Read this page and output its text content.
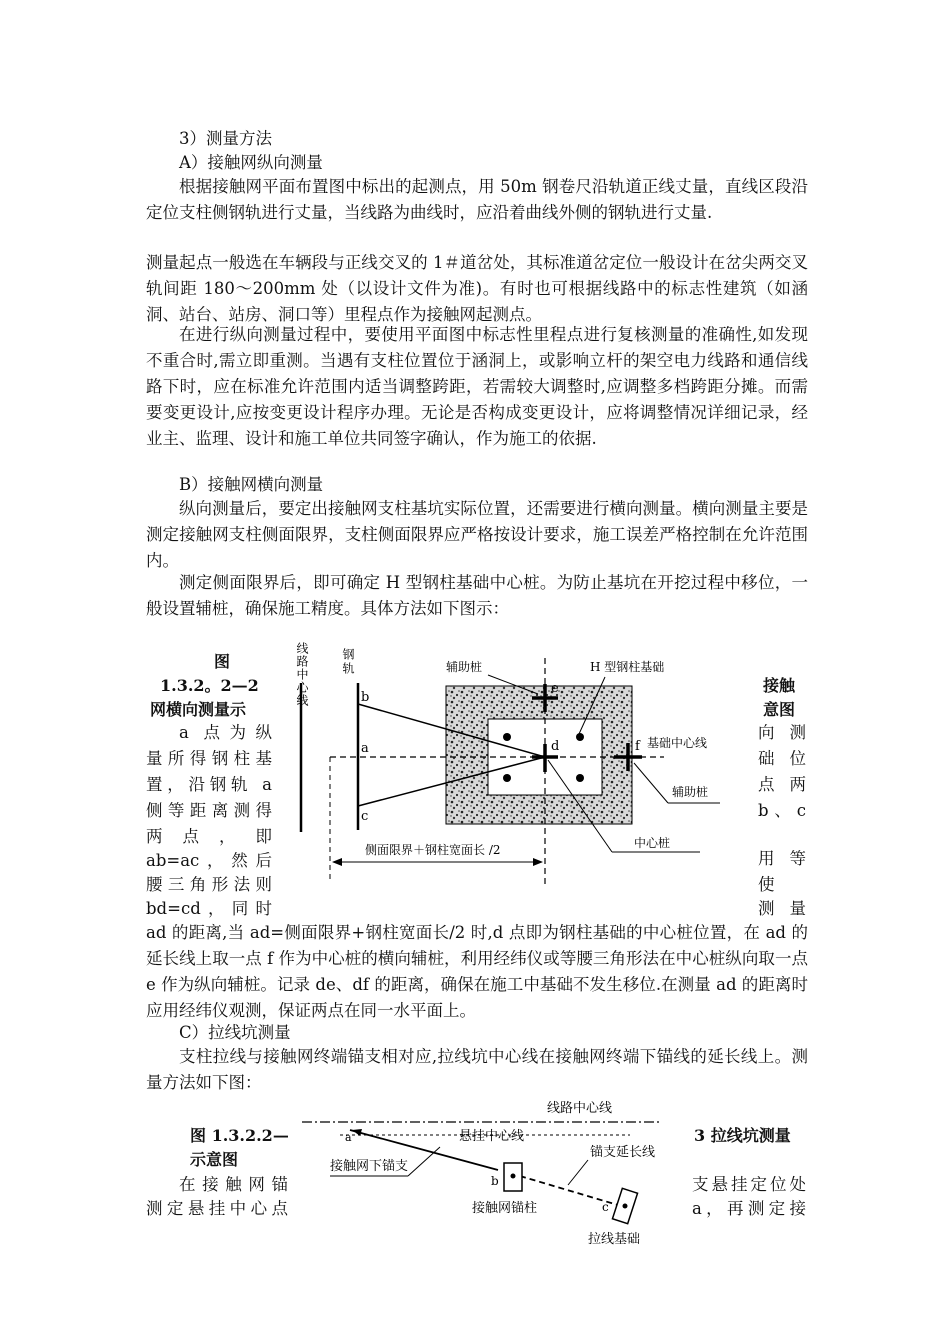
3）测量方法

A）接触网纵向测量

根据接触网平面布置图中标出的起测点，用 50m 钢卷尺沿轨道正线丈量，直线区段沿定位支柱侧钢轨进行丈量，当线路为曲线时，应沿着曲线外侧的钢轨进行丈量.

测量起点一般选在车辆段与正线交叉的 1＃道岔处，其标准道岔定位一般设计在岔尖两交叉轨间距 180～200mm 处（以设计文件为准)。有时也可根据线路中的标志性建筑（如涵洞、站台、站房、洞口等）里程点作为接触网起测点。

在进行纵向测量过程中，要使用平面图中标志性里程点进行复核测量的准确性,如发现不重合时,需立即重测。当遇有支柱位置位于涵洞上，或影响立杆的架空电力线路和通信线路下时，应在标准允许范围内适当调整跨距，若需较大调整时,应调整多档跨距分摊。而需要变更设计,应按变更设计程序办理。无论是否构成变更设计，应将调整情况详细记录，经业主、监理、设计和施工单位共同签字确认，作为施工的依据.

B）接触网横向测量

纵向测量后，要定出接触网支柱基坑实际位置，还需要进行横向测量。横向测量主要是测定接触网支柱侧面限界，支柱侧面限界应严格按设计要求，施工误差严格控制在允许范围内。

测定侧面限界后，即可确定 H 型钢柱基础中心桩。为防止基坑在开挖过程中移位，一般设置辅桩，确保施工精度。具体方法如下图示：

图

1.3.2。2—2

网横向测量示

接触

意图

a 点为纵

量所得钢柱基

置，沿钢轨 a

侧等距离测得

两点，即

ab=ac，然后

腰三角形法则

bd=cd，同时

向测

础位

点两

b、c

用等

使

测量

线路中心线	钢轨
b
a
c
d
e
f
辅助桩	H 型钢柱基础
基础中心线
辅助桩
中心桩
侧面限界＋钢柱宽面长 /2

ad 的距离,当 ad=侧面限界+钢柱宽面长/2 时,d 点即为钢柱基础的中心桩位置，在 ad 的延长线上取一点 f 作为中心桩的横向辅桩，利用经纬仪或等腰三角形法在中心桩纵向取一点 e 作为纵向辅桩。记录 de、df 的距离，确保在施工中基础不发生移位.在测量 ad 的距离时应用经纬仪观测，保证两点在同一水平面上。

C）拉线坑测量

支柱拉线与接触网终端锚支相对应,拉线坑中心线在接触网终端下锚线的延长线上。测量方法如下图：

图 1.3.2.2—

示意图

3 拉线坑测量

在接触网锚

测定悬挂中心点

支悬挂定位处

a，再测定接

线路中心线
悬挂中心线
a
锚支延长线
接触网下锚支
b
接触网锚柱	c
拉线基础
